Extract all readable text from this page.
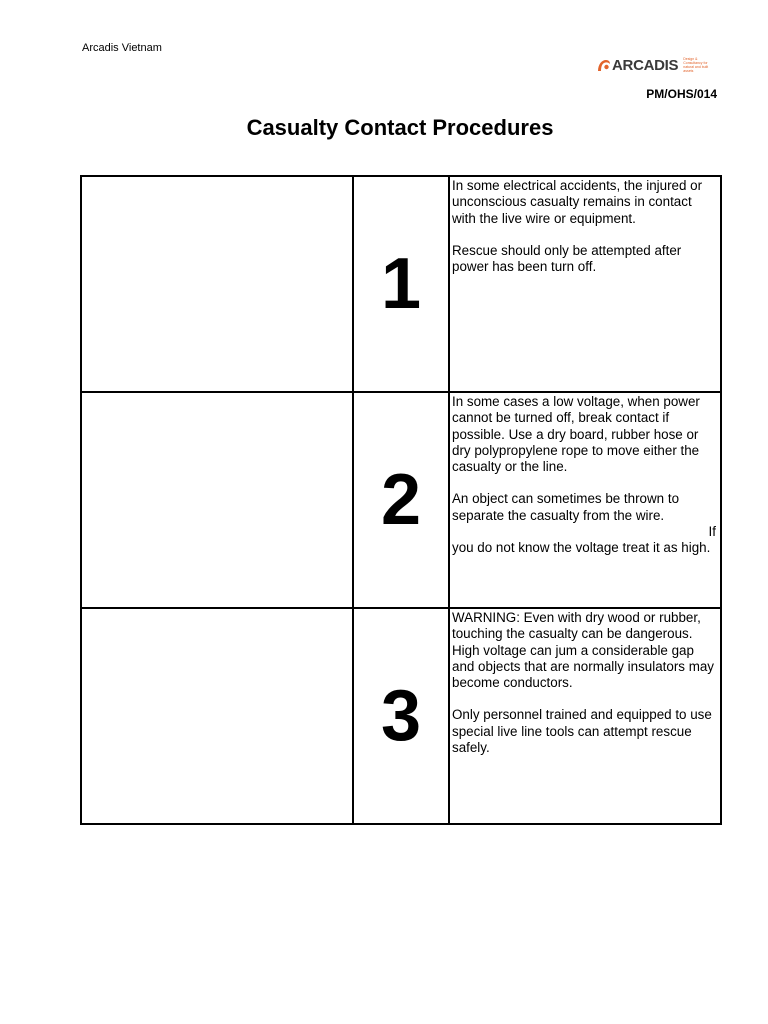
Arcadis Vietnam
ARCADIS Design & Consultancy for natural and built assets
PM/OHS/014
Casualty Contact Procedures
	1	In some electrical accidents, the injured or unconscious casualty remains in contact with the live wire or equipment.

Rescue should only be attempted after power has been turn off.

	2	In some cases a low voltage, when power cannot be turned off, break contact if possible. Use a dry board, rubber hose or dry polypropylene rope to move either the casualty or the line.

An object can sometimes be thrown to separate the casualty from the wire.

If
you do not know the voltage treat it as high.
	3	WARNING: Even with dry wood or rubber, touching the casualty can be dangerous. High voltage can jum a considerable gap and objects that are normally insulators may become conductors.

Only personnel trained and equipped to use special live line tools can attempt rescue safely.
